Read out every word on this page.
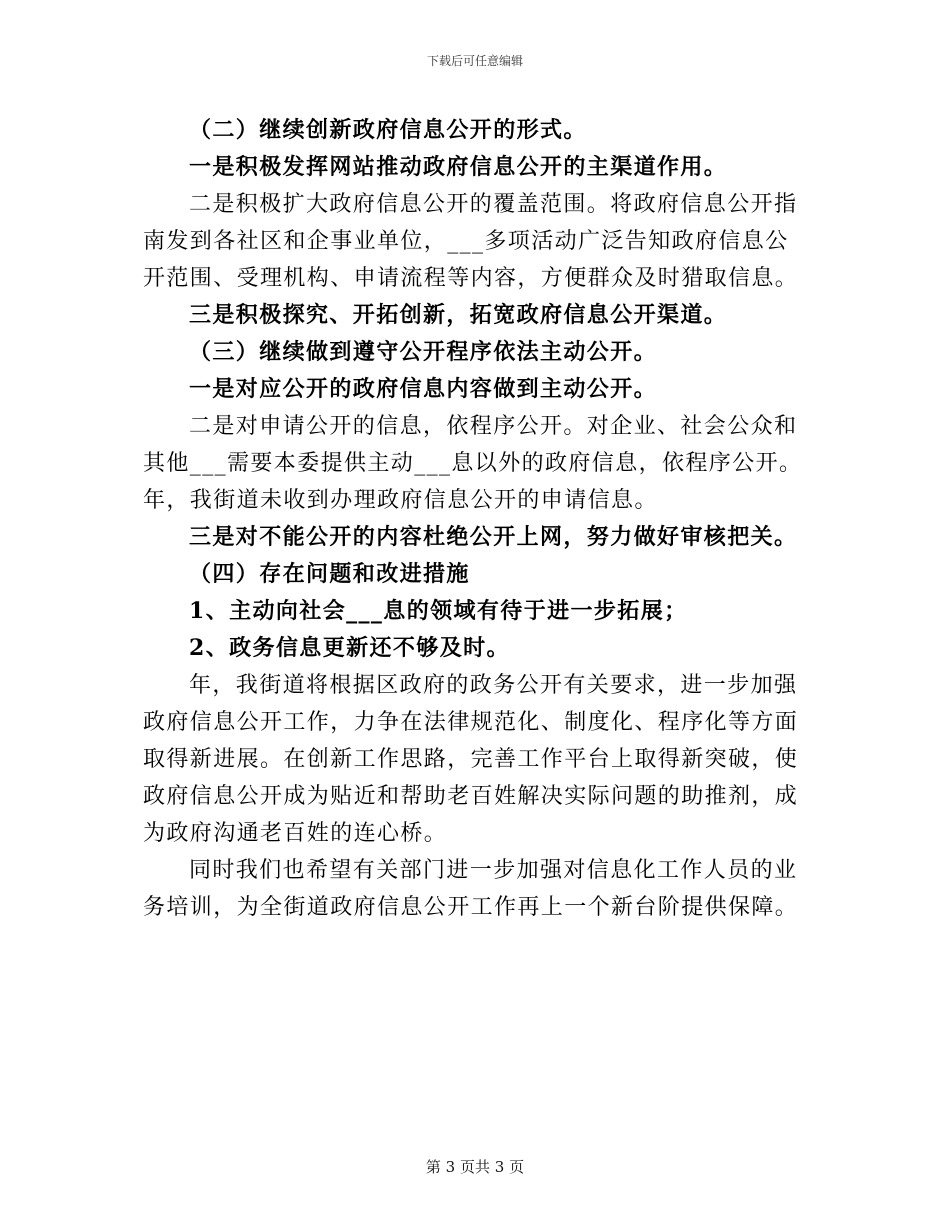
下载后可任意编辑

（二）继续创新政府信息公开的形式。

一是积极发挥网站推动政府信息公开的主渠道作用。

二是积极扩大政府信息公开的覆盖范围。将政府信息公开指南发到各社区和企事业单位，___多项活动广泛告知政府信息公开范围、受理机构、申请流程等内容，方便群众及时猎取信息。

三是积极探究、开拓创新，拓宽政府信息公开渠道。

（三）继续做到遵守公开程序依法主动公开。

一是对应公开的政府信息内容做到主动公开。

二是对申请公开的信息，依程序公开。对企业、社会公众和其他___需要本委提供主动___息以外的政府信息，依程序公开。年，我街道未收到办理政府信息公开的申请信息。

三是对不能公开的内容杜绝公开上网，努力做好审核把关。

（四）存在问题和改进措施

1、主动向社会___息的领域有待于进一步拓展；

2、政务信息更新还不够及时。

年，我街道将根据区政府的政务公开有关要求，进一步加强政府信息公开工作，力争在法律规范化、制度化、程序化等方面取得新进展。在创新工作思路，完善工作平台上取得新突破，使政府信息公开成为贴近和帮助老百姓解决实际问题的助推剂，成为政府沟通老百姓的连心桥。

同时我们也希望有关部门进一步加强对信息化工作人员的业务培训，为全街道政府信息公开工作再上一个新台阶提供保障。

第 3 页共 3 页
